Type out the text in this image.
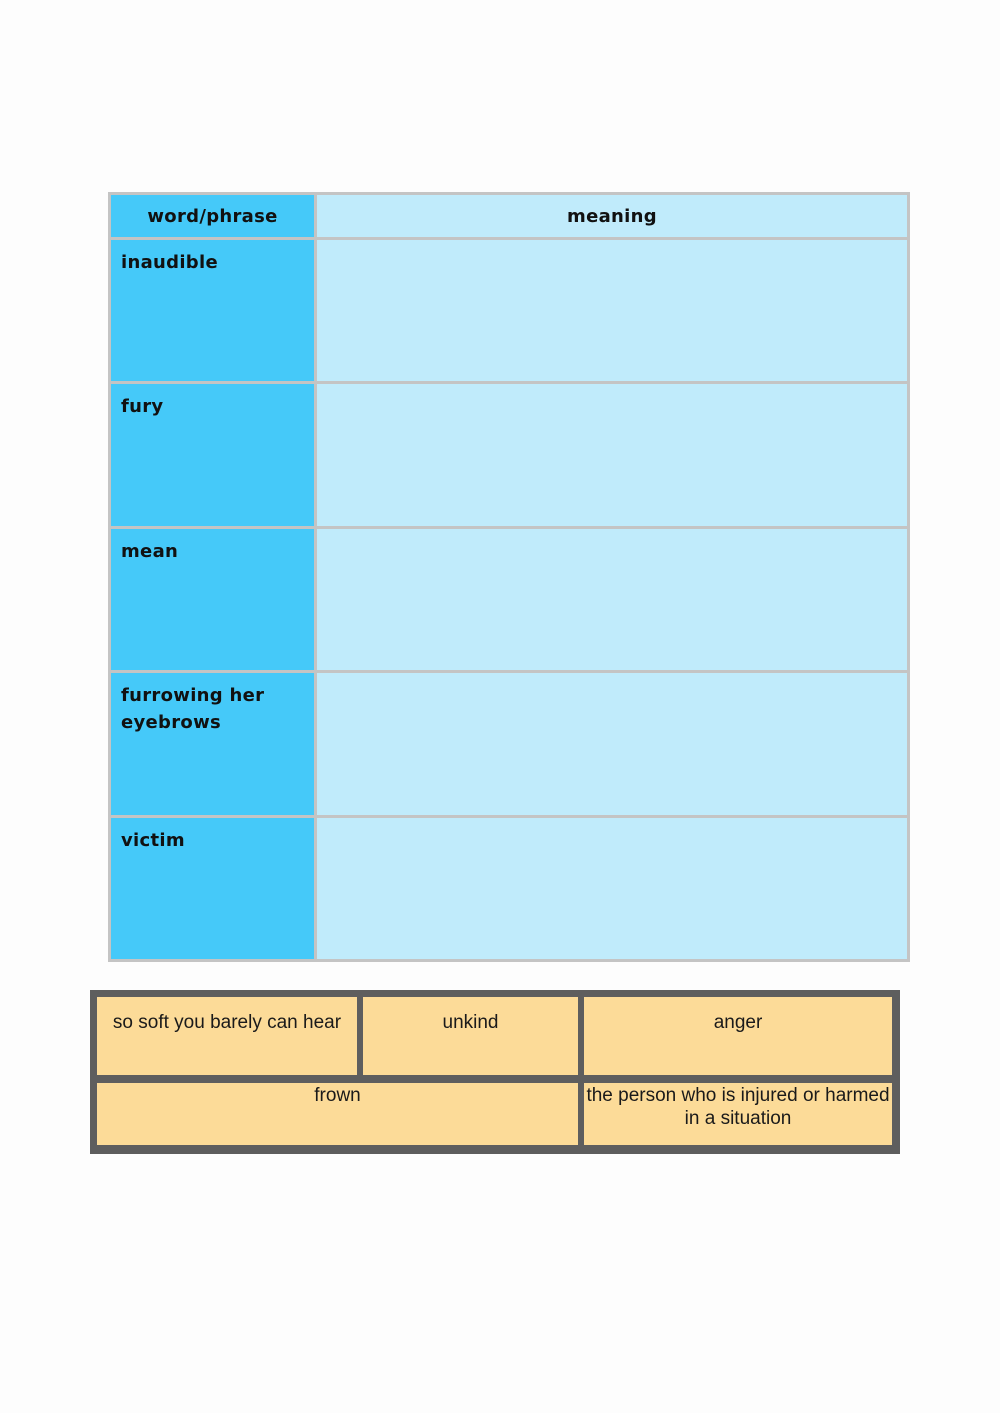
word/phrase	meaning

inaudible	

fury	

mean	

furrowing her eyebrows	

victim	

so soft you barely can hear	unkind	anger
frown	the person who is injured or harmed in a situation
